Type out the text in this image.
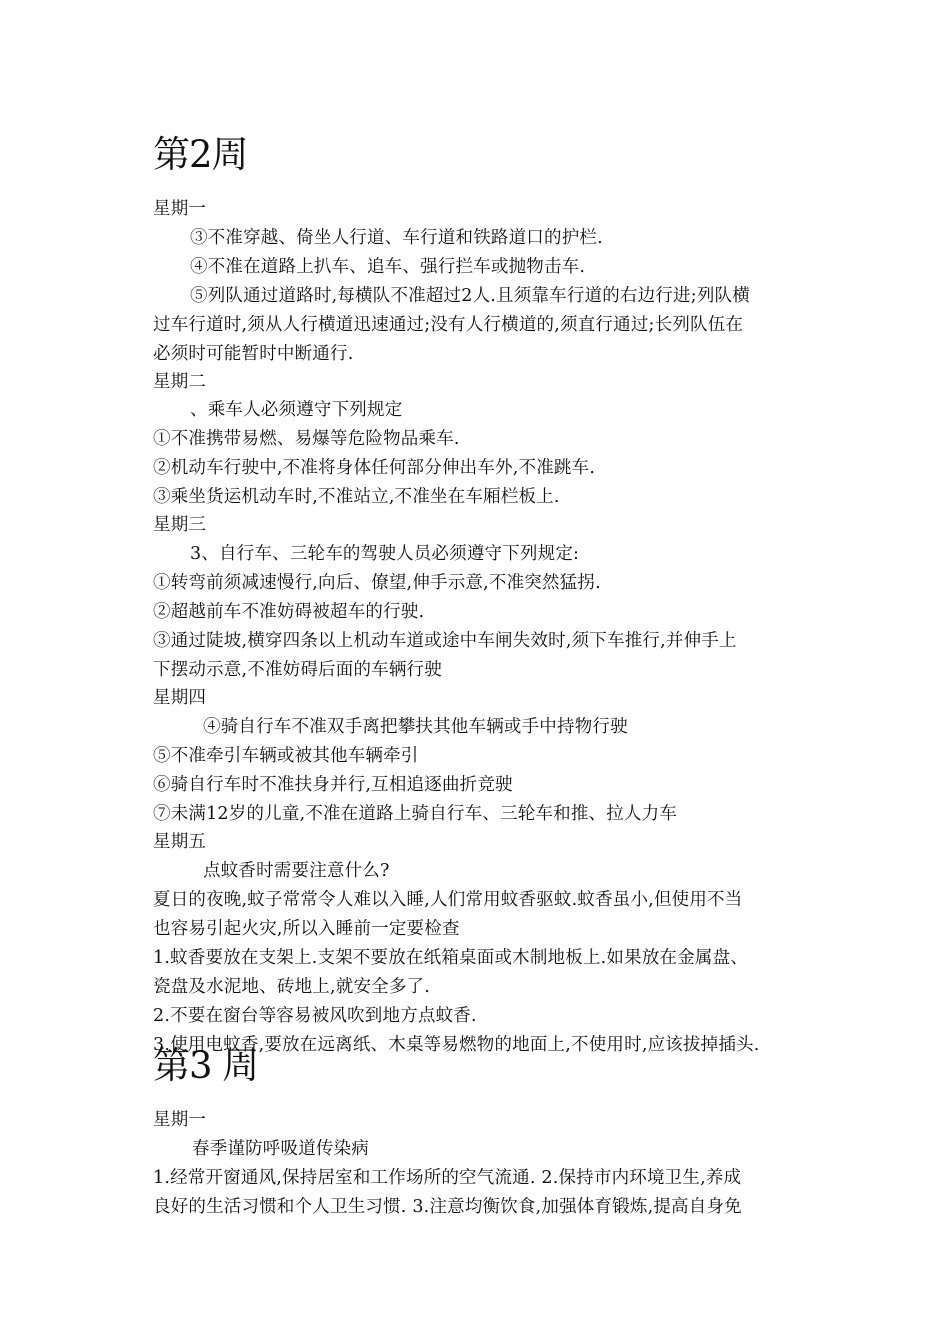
第2周
星期一
③不准穿越、倚坐人行道、车行道和铁路道口的护栏.
④不准在道路上扒车、追车、强行拦车或抛物击车.
⑤列队通过道路时,每横队不准超过2人.且须靠车行道的右边行进;列队横
过车行道时,须从人行横道迅速通过;没有人行横道的,须直行通过;长列队伍在
必须时可能暂时中断通行.
星期二
、乘车人必须遵守下列规定
①不准携带易燃、易爆等危险物品乘车.
②机动车行驶中,不准将身体任何部分伸出车外,不准跳车.
③乘坐货运机动车时,不准站立,不准坐在车厢栏板上.
星期三
3、自行车、三轮车的驾驶人员必须遵守下列规定:
①转弯前须减速慢行,向后、僚望,伸手示意,不准突然猛拐.
②超越前车不准妨碍被超车的行驶.
③通过陡坡,横穿四条以上机动车道或途中车闸失效时,须下车推行,并伸手上
下摆动示意,不准妨碍后面的车辆行驶
星期四
④骑自行车不准双手离把攀扶其他车辆或手中持物行驶
⑤不准牵引车辆或被其他车辆牵引
⑥骑自行车时不准扶身并行,互相追逐曲折竞驶
⑦未满12岁的儿童,不准在道路上骑自行车、三轮车和推、拉人力车
星期五
点蚊香时需要注意什么?
夏日的夜晚,蚊子常常令人难以入睡,人们常用蚊香驱蚊.蚊香虽小,但使用不当
也容易引起火灾,所以入睡前一定要检查
1.蚊香要放在支架上.支架不要放在纸箱桌面或木制地板上.如果放在金属盘、
瓷盘及水泥地、砖地上,就安全多了.
2.不要在窗台等容易被风吹到地方点蚊香.
3.使用电蚊香,要放在远离纸、木桌等易燃物的地面上,不使用时,应该拔掉插头.
第3 周
星期一
春季谨防呼吸道传染病
1.经常开窗通风,保持居室和工作场所的空气流通. 2.保持市内环境卫生,养成
良好的生活习惯和个人卫生习惯. 3.注意均衡饮食,加强体育锻炼,提高自身免
